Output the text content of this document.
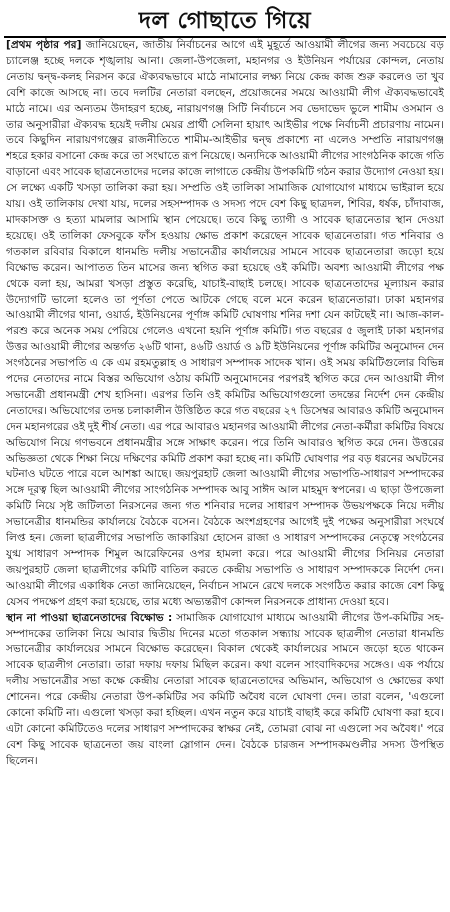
দল গোছাতে গিয়ে

[প্রথম পৃষ্ঠার পর] জানিয়েছেন, জাতীয় নির্বাচনের আগে এই মুহূর্তে আওয়ামী লীগের জন্য সবচেয়ে বড় চ্যালেঞ্জ হচ্ছে দলকে শৃঙ্খলায় আনা। জেলা-উপজেলা, মহানগর ও ইউনিয়ন পর্যায়ের কোন্দল, নেতায় নেতায় দ্বন্দ্ব-কলহ নিরসন করে ঐক্যবদ্ধভাবে মাঠে নামানোর লক্ষ্য নিয়ে কেন্দ্র কাজ শুরু করলেও তা খুব বেশি কাজে আসছে না। তবে দলটির নেতারা বলছেন, প্রয়োজনের সময়ে আওয়ামী লীগ ঐক্যবদ্ধভাবেই মাঠে নামে। এর অন্যতম উদাহরণ হচ্ছে, নারায়ণগঞ্জ সিটি নির্বাচনে সব ভেদাভেদ ভুলে শামীম ওসমান ও তার অনুসারীরা ঐক্যবদ্ধ হয়েই দলীয় মেয়র প্রার্থী সেলিনা হায়াৎ আইভীর পক্ষে নির্বাচনী প্রচারণায় নামেন। তবে কিছুদিন নারায়ণগঞ্জের রাজনীতিতে শামীম-আইভীর দ্বন্দ্ব প্রকাশ্যে না এলেও সম্প্রতি নারায়ণগঞ্জ শহরে হকার বসানো কেন্দ্র করে তা সংঘাতে রূপ নিয়েছে। অন্যদিকে আওয়ামী লীগের সাংগঠনিক কাজে গতি বাড়ানো এবং সাবেক ছাত্রনেতাদের দলের কাজে লাগাতে কেন্দ্রীয় উপকমিটি গঠন করার উদ্যোগ নেওয়া হয়। সে লক্ষ্যে একটি খসড়া তালিকা করা হয়। সম্প্রতি ওই তালিকা সামাজিক যোগাযোগ মাধ্যমে ভাইরাল হয়ে যায়। ওই তালিকায় দেখা যায়, দলের সহসম্পাদক ও সদস্য পদে বেশ কিছু ছাত্রদল, শিবির, ধর্ষক, চাঁদাবাজ, মাদকাসক্ত ও হত্যা মামলার আসামি স্থান পেয়েছে। তবে কিছু ত্যাগী ও সাবেক ছাত্রনেতার স্থান দেওয়া হয়েছে। ওই তালিকা ফেসবুকে ফাঁস হওয়ায় ক্ষোভ প্রকাশ করেছেন সাবেক ছাত্রনেতারা। গত শনিবার ও গতকাল রবিবার বিকালে ধানমন্ডি দলীয় সভানেত্রীর কার্যালয়ের সামনে সাবেক ছাত্রনেতারা জড়ো হয়ে বিক্ষোভ করেন। আপাতত তিন মাসের জন্য স্থগিত করা হয়েছে ওই কমিটি। অবশ্য আওয়ামী লীগের পক্ষ থেকে বলা হয়, আমরা খসড়া প্রস্তুত করেছি, যাচাই-বাছাই চলছে। সাবেক ছাত্রনেতাদের মূল্যায়ন করার উদ্যোগটি ভালো হলেও তা পূর্ণতা পেতে আটকে গেছে বলে মনে করেন ছাত্রনেতারা। ঢাকা মহানগর আওয়ামী লীগের থানা, ওয়ার্ড, ইউনিয়নের পূর্ণাঙ্গ কমিটি ঘোষণায় শনির দশা যেন কাটছেই না। আজ-কাল-পরশু করে অনেক সময় পেরিয়ে গেলেও এখনো হয়নি পূর্ণাঙ্গ কমিটি। গত বছরের ৫ জুলাই ঢাকা মহানগর উত্তর আওয়ামী লীগের অন্তর্গত ২৬টি থানা, ৪৬টি ওয়ার্ড ও ৯টি ইউনিয়নের পূর্ণাঙ্গ কমিটির অনুমোদন দেন সংগঠনের সভাপতি এ কে এম রহমতুল্লাহ ও সাধারণ সম্পাদক সাদেক খান। ওই সময় কমিটিগুলোর বিভিন্ন পদের নেতাদের নামে বিস্তর অভিযোগ ওঠায় কমিটি অনুমোদনের পরপরই স্থগিত করে দেন আওয়ামী লীগ সভানেত্রী প্রধানমন্ত্রী শেখ হাসিনা। এরপর তিনি ওই কমিটির অভিযোগগুলো তদন্তের নির্দেশ দেন কেন্দ্রীয় নেতাদের। অভিযোগের তদন্ত চলাকালীন উত্তিষ্ঠিত করে গত বছরের ২৭ ডিসেম্বর আবারও কমিটি অনুমোদন দেন মহানগরের ওই দুই শীর্ষ নেতা। এর পরে আবারও মহানগর আওয়ামী লীগের নেতা-কর্মীরা কমিটির বিষয়ে অভিযোগ নিয়ে গণভবনে প্রধানমন্ত্রীর সঙ্গে সাক্ষাৎ করেন। পরে তিনি আবারও স্থগিত করে দেন। উত্তরের অভিজ্ঞতা থেকে শিক্ষা নিয়ে দক্ষিণের কমিটি প্রকাশ করা হচ্ছে না। কমিটি ঘোষণার পর বড় ধরনের অঘটনের ঘটনাও ঘটতে পারে বলে আশঙ্কা আছে। জয়পুরহাট জেলা আওয়ামী লীগের সভাপতি-সাধারণ সম্পাদকের সঙ্গে দূরত্ব ছিল আওয়ামী লীগের সাংগঠনিক সম্পাদক আবু সাঈদ আল মাহমুদ স্বপনের। এ ছাড়া উপজেলা কমিটি নিয়ে সৃষ্ট জটিলতা নিরসনের জন্য গত শনিবার দলের সাধারণ সম্পাদক উভয়পক্ষকে নিয়ে দলীয় সভানেত্রীর ধানমন্ডির কার্যালয়ে বৈঠকে বসেন। বৈঠকে অংশগ্রহণের আগেই দুই পক্ষের অনুসারীরা সংঘর্ষে লিপ্ত হন। জেলা ছাত্রলীগের সভাপতি জাকারিয়া হোসেন রাজা ও সাধারণ সম্পাদকের নেতৃত্বে সংগঠনের যুগ্ম সাধারণ সম্পাদক শিমুল আরেফিনের ওপর হামলা করে। পরে আওয়ামী লীগের সিনিয়র নেতারা জয়পুরহাট জেলা ছাত্রলীগের কমিটি বাতিল করতে কেন্দ্রীয় সভাপতি ও সাধারণ সম্পাদককে নির্দেশ দেন। আওয়ামী লীগের একাধিক নেতা জানিয়েছেন, নির্বাচন সামনে রেখে দলকে সংগঠিত করার কাজে বেশ কিছু যেসব পদক্ষেপ গ্রহণ করা হয়েছে, তার মধ্যে অভ্যন্তরীণ কোন্দল নিরসনকে প্রাধান্য দেওয়া হবে।

স্থান না পাওয়া ছাত্রনেতাদের বিক্ষোভ : সামাজিক যোগাযোগ মাধ্যমে আওয়ামী লীগের উপ-কমিটির সহ-সম্পাদকের তালিকা নিয়ে আবার দ্বিতীয় দিনের মতো গতকাল সন্ধ্যায় সাবেক ছাত্রলীগ নেতারা ধানমন্ডি সভানেত্রীর কার্যালয়ের সামনে বিক্ষোভ করেছেন। বিকাল থেকেই কার্যালয়ের সামনে জড়ো হতে থাকেন সাবেক ছাত্রলীগ নেতারা। তারা দফায় দফায় মিছিল করেন। কথা বলেন সাংবাদিকদের সঙ্গেও। এক পর্যায়ে দলীয় সভানেত্রীর সভা কক্ষে কেন্দ্রীয় নেতারা সাবেক ছাত্রনেতাদের অভিমান, অভিযোগ ও ক্ষোভের কথা শোনেন। পরে কেন্দ্রীয় নেতারা উপ-কমিটির সব কমিটি অবৈধ বলে ঘোষণা দেন। তারা বলেন, 'এগুলো কোনো কমিটি না। এগুলো খসড়া করা হচ্ছিল। এখন নতুন করে যাচাই বাছাই করে কমিটি ঘোষণা করা হবে। এটা কোনো কমিটিতেও দলের সাধারণ সম্পাদকের স্বাক্ষর নেই, তোমরা বোঝ না এগুলো সব অবৈধ।' পরে বেশ কিছু সাবেক ছাত্রনেতা জয় বাংলা স্লোগান দেন। বৈঠকে চারজন সম্পাদকমণ্ডলীর সদস্য উপস্থিত ছিলেন।
